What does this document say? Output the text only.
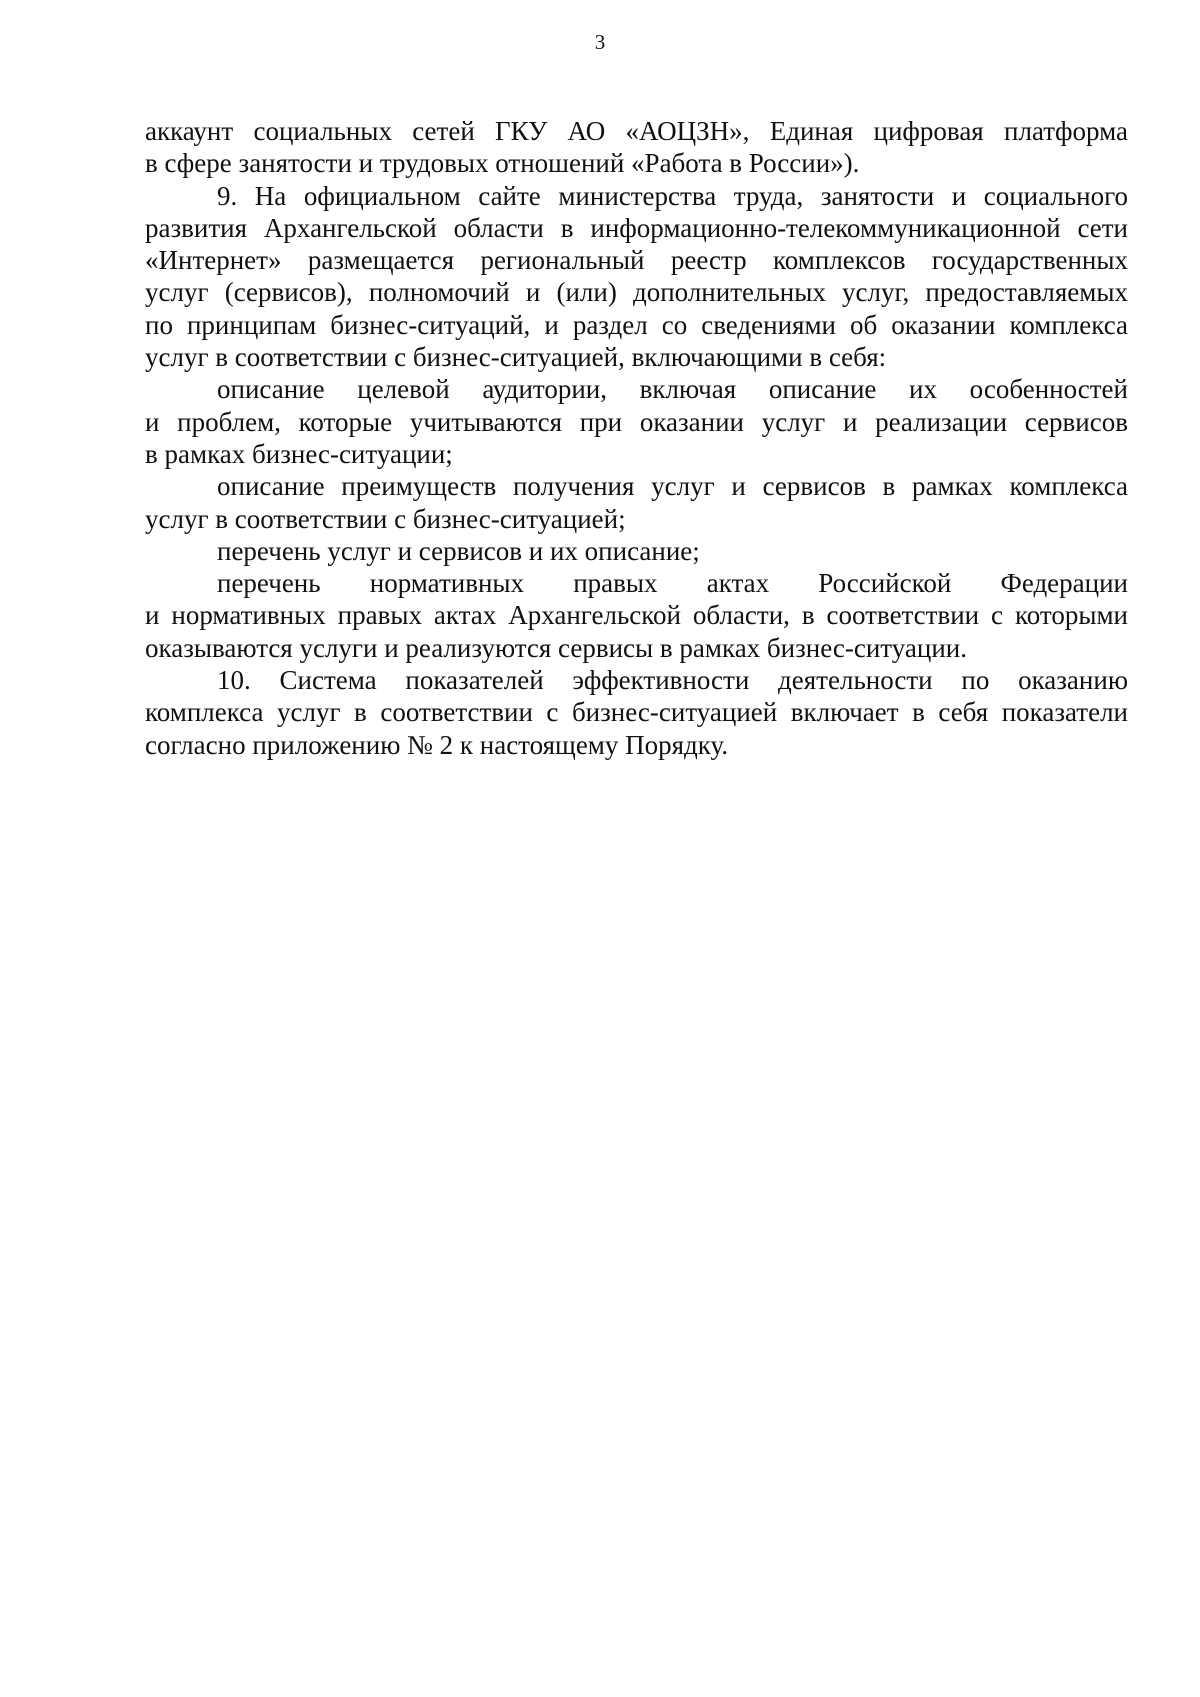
3
аккаунт социальных сетей ГКУ АО «АОЦЗН», Единая цифровая платформа
в сфере занятости и трудовых отношений «Работа в России»).
9. На официальном сайте министерства труда, занятости и социального
развития Архангельской области в информационно-телекоммуникационной сети
«Интернет» размещается региональный реестр комплексов государственных
услуг (сервисов), полномочий и (или) дополнительных услуг, предоставляемых
по принципам бизнес-ситуаций, и раздел со сведениями об оказании комплекса
услуг в соответствии с бизнес-ситуацией, включающими в себя:
описание целевой аудитории, включая описание их особенностей
и проблем, которые учитываются при оказании услуг и реализации сервисов
в рамках бизнес-ситуации;
описание преимуществ получения услуг и сервисов в рамках комплекса
услуг в соответствии с бизнес-ситуацией;
перечень услуг и сервисов и их описание;
перечень нормативных правых актах Российской Федерации
и нормативных правых актах Архангельской области, в соответствии с которыми
оказываются услуги и реализуются сервисы в рамках бизнес-ситуации.
10. Система показателей эффективности деятельности по оказанию
комплекса услуг в соответствии с бизнес-ситуацией включает в себя показатели
согласно приложению № 2 к настоящему Порядку.
